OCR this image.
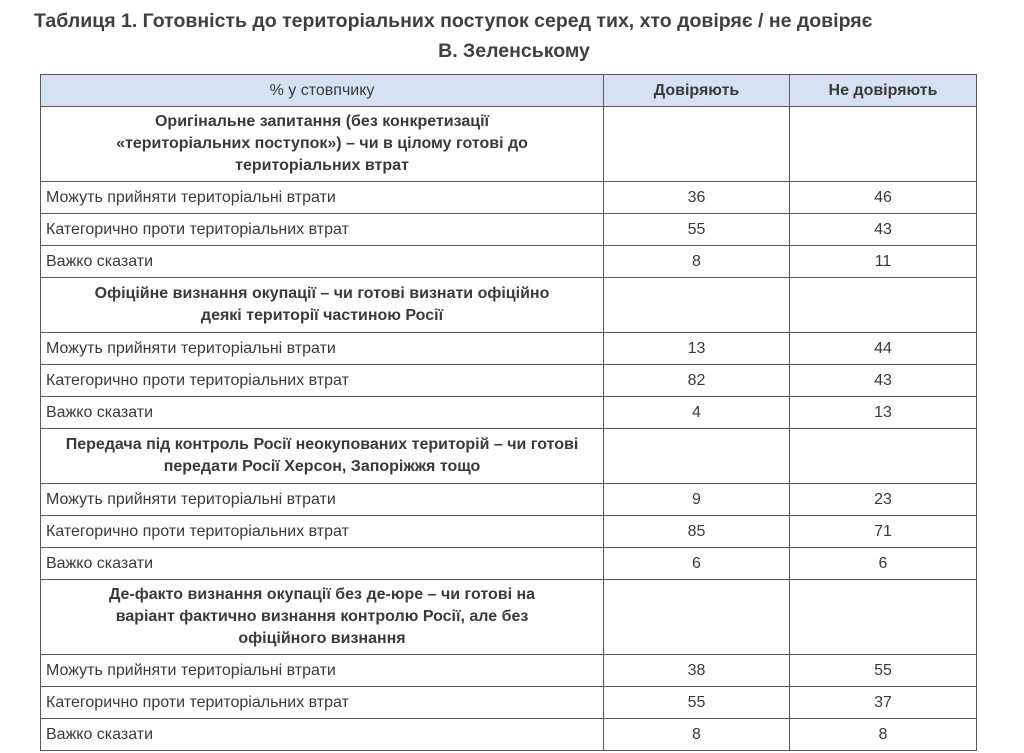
Таблиця 1. Готовність до територіальних поступок серед тих, хто довіряє / не довіряє
В. Зеленському
% у стовпчику	Довіряють	Не довіряють
Оригінальне запитання (без конкретизації «територіальних поступок») – чи в цілому готові до територіальних втрат		
Можуть прийняти територіальні втрати	36	46
Категорично проти територіальних втрат	55	43
Важко сказати	8	11
Офіційне визнання окупації – чи готові визнати офіційно деякі території частиною Росії		
Можуть прийняти територіальні втрати	13	44
Категорично проти територіальних втрат	82	43
Важко сказати	4	13
Передача під контроль Росії неокупованих територій – чи готові передати Росії Херсон, Запоріжжя тощо		
Можуть прийняти територіальні втрати	9	23
Категорично проти територіальних втрат	85	71
Важко сказати	6	6
Де-факто визнання окупації без де-юре – чи готові на варіант фактично визнання контролю Росії, але без офіційного визнання		
Можуть прийняти територіальні втрати	38	55
Категорично проти територіальних втрат	55	37
Важко сказати	8	8
